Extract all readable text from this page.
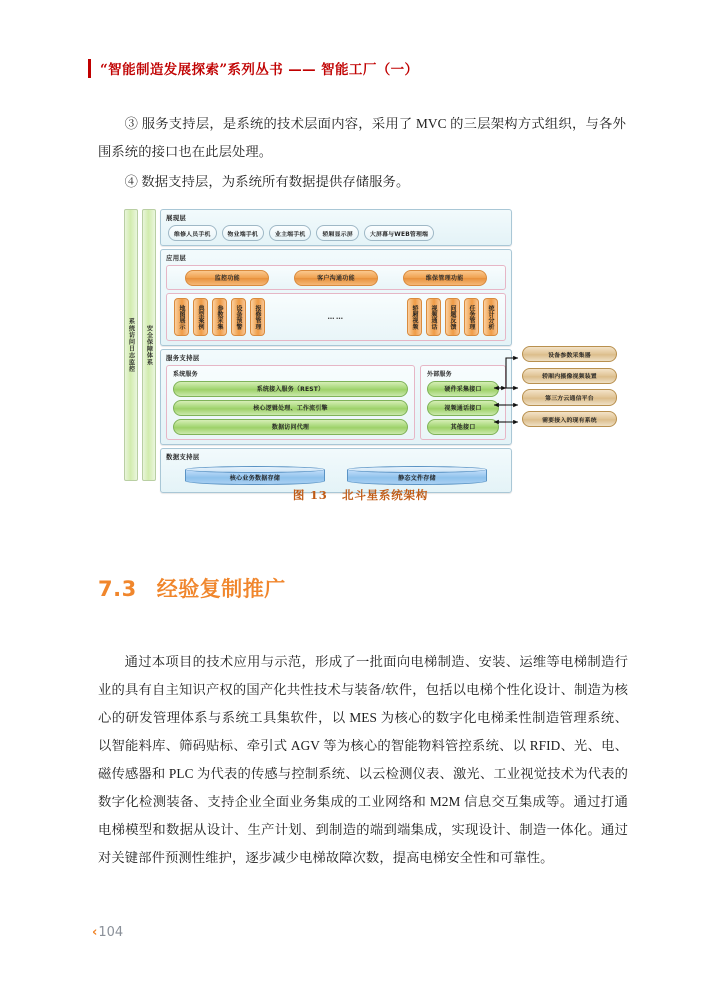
“智能制造发展探索”系列丛书 —— 智能工厂（一）
③ 服务支持层，是系统的技术层面内容，采用了 MVC 的三层架构方式组织，与各外围系统的接口也在此层处理。
④ 数据支持层，为系统所有数据提供存储服务。
系统访问日志监控 安全保障体系
展现层
维修人员手机	物业端手机	业主端手机	轿厢显示屏	大屏幕与WEB管理端
应用层
监控功能	客户沟通功能	维保管理功能
地图展示 典型案例 参数采集 设备预警 报修管理	……	轿厢视频 视频通话 问题反馈 任务管理 统计分析
服务支持层
系统服务
系统接入服务（REST）
核心逻辑处理、工作流引擎
数据访问代理
外部服务
硬件采集接口
视频通话接口
其他接口
数据支持层
核心业务数据存储	静态文件存储
设备参数采集器
轿厢内摄像视频装置
第三方云通信平台
需要接入的现有系统
图 13 北斗星系统架构
7.3 经验复制推广
通过本项目的技术应用与示范，形成了一批面向电梯制造、安装、运维等电梯制造行业的具有自主知识产权的国产化共性技术与装备/软件，包括以电梯个性化设计、制造为核心的研发管理体系与系统工具集软件，以 MES 为核心的数字化电梯柔性制造管理系统、以智能料库、筛码贴标、牵引式 AGV 等为核心的智能物料管控系统、以 RFID、光、电、磁传感器和 PLC 为代表的传感与控制系统、以云检测仪表、激光、工业视觉技术为代表的数字化检测装备、支持企业全面业务集成的工业网络和 M2M 信息交互集成等。通过打通电梯模型和数据从设计、生产计划、到制造的端到端集成，实现设计、制造一体化。通过对关键部件预测性维护，逐步减少电梯故障次数，提高电梯安全性和可靠性。
‹ 104
